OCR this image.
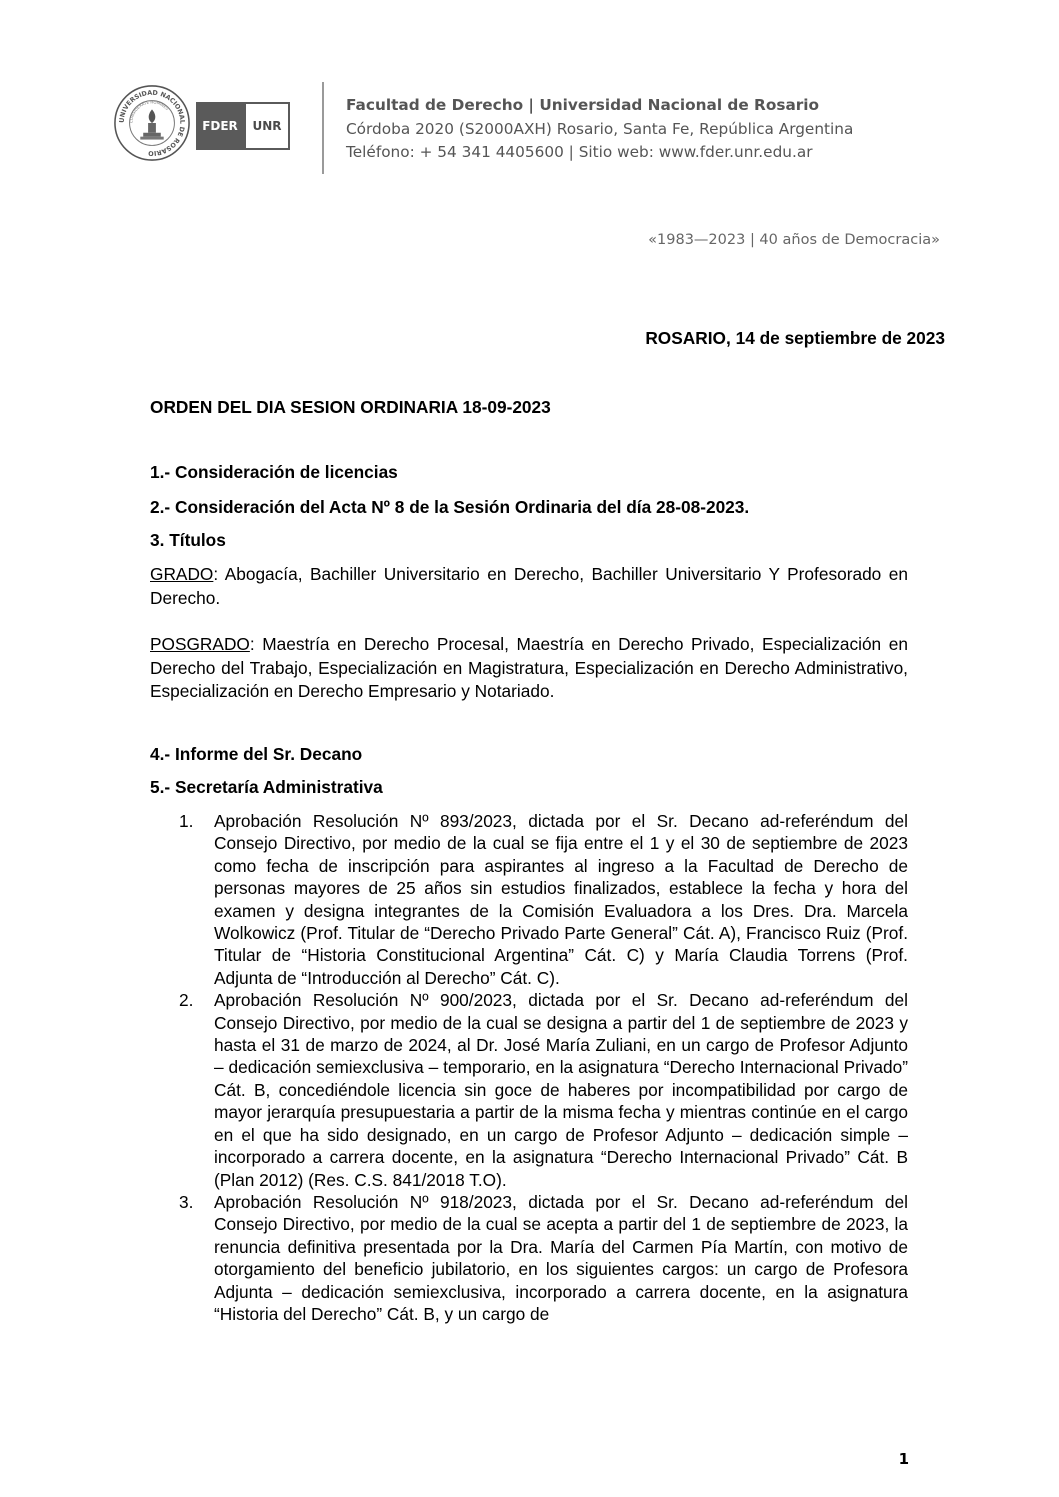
UNIVERSIDAD NACIONAL DE ROSARIO
CONSIDERATE HOMINES
FDER	UNR
Facultad de Derecho | Universidad Nacional de Rosario
Córdoba 2020 (S2000AXH) Rosario, Santa Fe, República Argentina
Teléfono: + 54 341 4405600 | Sitio web: www.fder.unr.edu.ar
«1983—2023 | 40 años de Democracia»
ROSARIO, 14 de septiembre de 2023
ORDEN DEL DIA SESION ORDINARIA 18-09-2023
1.- Consideración de licencias
2.- Consideración del Acta Nº 8 de la Sesión Ordinaria del día 28-08-2023.
3. Títulos
GRADO: Abogacía, Bachiller Universitario en Derecho, Bachiller Universitario Y Profesorado en Derecho.
POSGRADO: Maestría en Derecho Procesal, Maestría en Derecho Privado, Especialización en Derecho del Trabajo, Especialización en Magistratura, Especialización en Derecho Administrativo, Especialización en Derecho Empresario y Notariado.
4.- Informe del Sr. Decano
5.- Secretaría Administrativa
1. Aprobación Resolución Nº 893/2023, dictada por el Sr. Decano ad-referéndum del Consejo Directivo, por medio de la cual se fija entre el 1 y el 30 de septiembre de 2023 como fecha de inscripción para aspirantes al ingreso a la Facultad de Derecho de personas mayores de 25 años sin estudios finalizados, establece la fecha y hora del examen y designa integrantes de la Comisión Evaluadora a los Dres. Dra. Marcela Wolkowicz (Prof. Titular de “Derecho Privado Parte General” Cát. A), Francisco Ruiz (Prof. Titular de “Historia Constitucional Argentina” Cát. C) y María Claudia Torrens (Prof. Adjunta de “Introducción al Derecho” Cát. C).
2. Aprobación Resolución Nº 900/2023, dictada por el Sr. Decano ad-referéndum del Consejo Directivo, por medio de la cual se designa a partir del 1 de septiembre de 2023 y hasta el 31 de marzo de 2024, al Dr. José María Zuliani, en un cargo de Profesor Adjunto – dedicación semiexclusiva – temporario, en la asignatura “Derecho Internacional Privado” Cát. B, concediéndole licencia sin goce de haberes por incompatibilidad por cargo de mayor jerarquía presupuestaria a partir de la misma fecha y mientras continúe en el cargo en el que ha sido designado, en un cargo de Profesor Adjunto – dedicación simple – incorporado a carrera docente, en la asignatura “Derecho Internacional Privado” Cát. B (Plan 2012) (Res. C.S. 841/2018 T.O).
3. Aprobación Resolución Nº 918/2023, dictada por el Sr. Decano ad-referéndum del Consejo Directivo, por medio de la cual se acepta a partir del 1 de septiembre de 2023, la renuncia definitiva presentada por la Dra. María del Carmen Pía Martín, con motivo de otorgamiento del beneficio jubilatorio, en los siguientes cargos: un cargo de Profesora Adjunta – dedicación semiexclusiva, incorporado a carrera docente, en la asignatura “Historia del Derecho” Cát. B, y un cargo de
1
